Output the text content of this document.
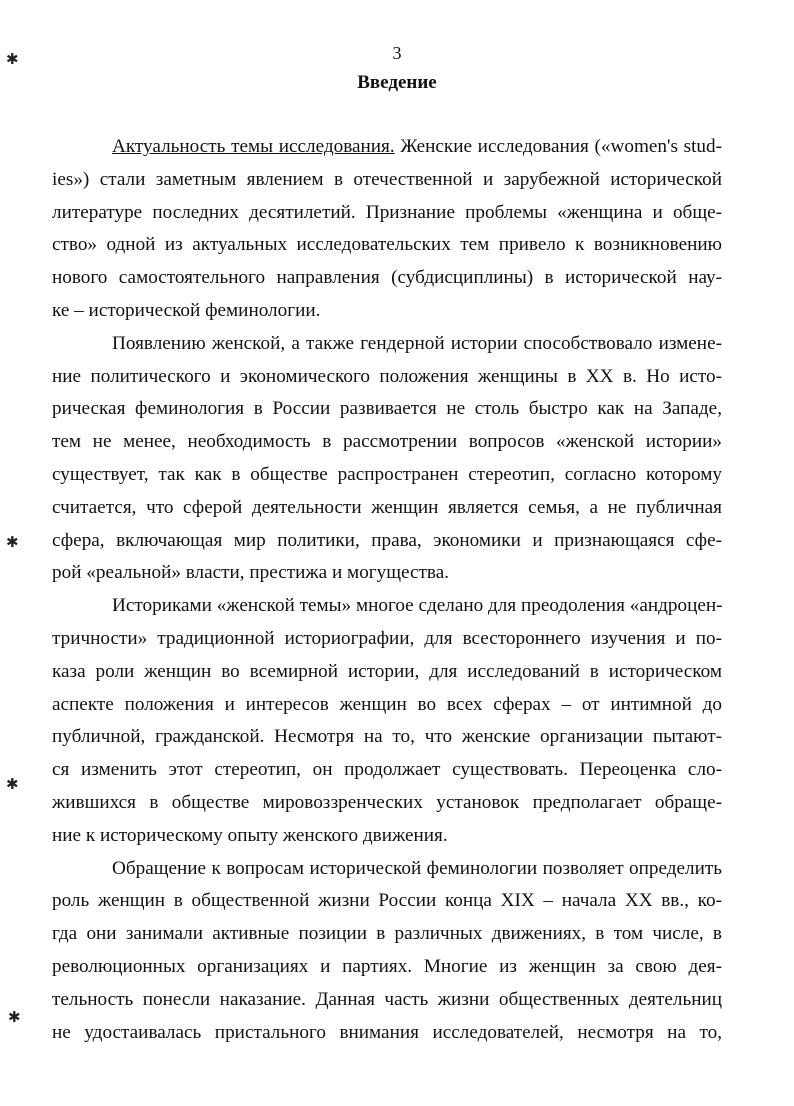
3
Введение
Актуальность темы исследования. Женские исследования («women's stud-
ies») стали заметным явлением в отечественной и зарубежной исторической
литературе последних десятилетий. Признание проблемы «женщина и обще-
ство» одной из актуальных исследовательских тем привело к возникновению
нового самостоятельного направления (субдисциплины) в исторической нау-
ке – исторической феминологии.
Появлению женской, а также гендерной истории способствовало измене-
ние политического и экономического положения женщины в XX в. Но исто-
рическая феминология в России развивается не столь быстро как на Западе,
тем не менее, необходимость в рассмотрении вопросов «женской истории»
существует, так как в обществе распространен стереотип, согласно которому
считается, что сферой деятельности женщин является семья, а не публичная
сфера, включающая мир политики, права, экономики и признающаяся сфе-
рой «реальной» власти, престижа и могущества.
Историками «женской темы» многое сделано для преодоления «андроцен-
тричности» традиционной историографии, для всестороннего изучения и по-
каза роли женщин во всемирной истории, для исследований в историческом
аспекте положения и интересов женщин во всех сферах – от интимной до
публичной, гражданской. Несмотря на то, что женские организации пытают-
ся изменить этот стереотип, он продолжает существовать. Переоценка сло-
жившихся в обществе мировоззренческих установок предполагает обраще-
ние к историческому опыту женского движения.
Обращение к вопросам исторической феминологии позволяет определить
роль женщин в общественной жизни России конца XIX – начала XX вв., ко-
гда они занимали активные позиции в различных движениях, в том числе, в
революционных организациях и партиях. Многие из женщин за свою дея-
тельность понесли наказание. Данная часть жизни общественных деятельниц
не удостаивалась пристального внимания исследователей, несмотря на то,
✱
✱
✱
✱
